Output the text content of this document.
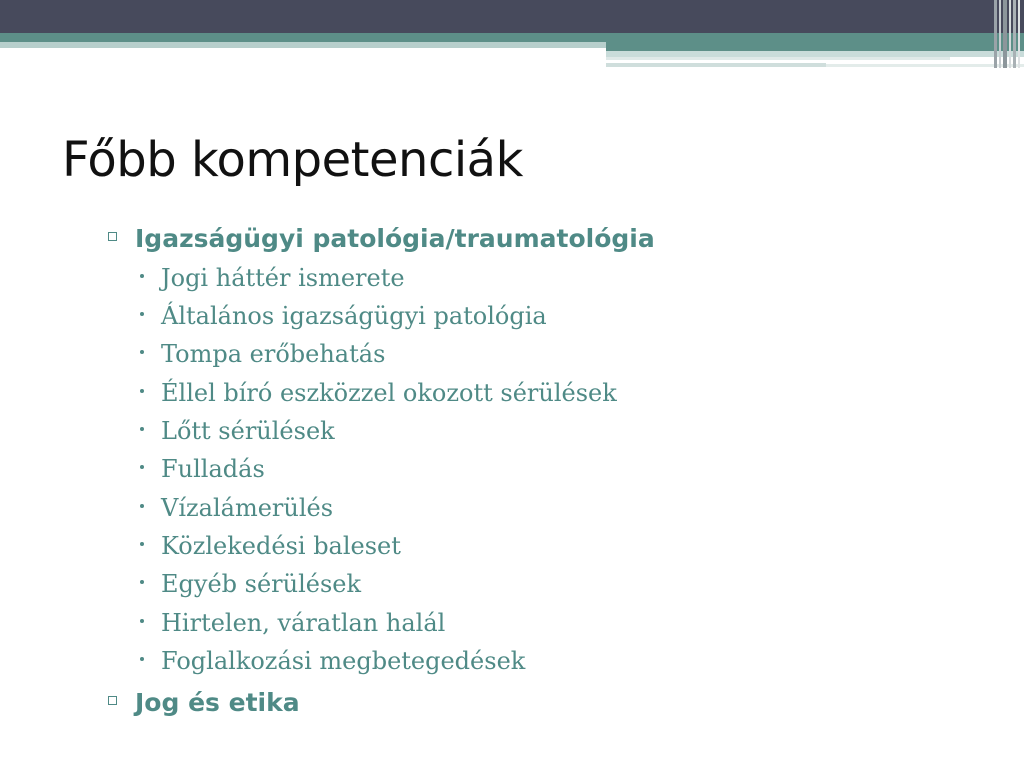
Főbb kompetenciák
Igazságügyi patológia/traumatológia
Jogi háttér ismerete
Általános igazságügyi patológia
Tompa erőbehatás
Éllel bíró eszközzel okozott sérülések
Lőtt sérülések
Fulladás
Vízalámerülés
Közlekedési baleset
Egyéb sérülések
Hirtelen, váratlan halál
Foglalkozási megbetegedések
Jog és etika
